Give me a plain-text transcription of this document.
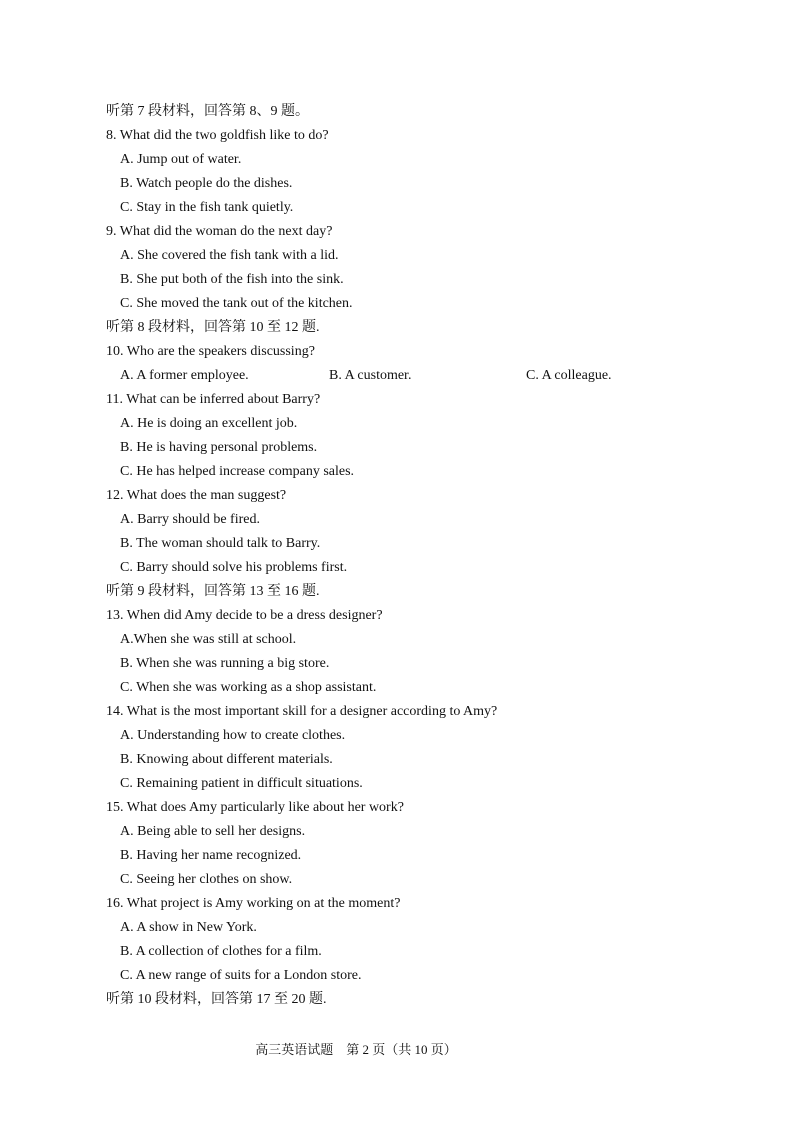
听第 7 段材料，回答第 8、9 题。
8. What did the two goldfish like to do?
A. Jump out of water.
B. Watch people do the dishes.
C. Stay in the fish tank quietly.
9. What did the woman do the next day?
A. She covered the fish tank with a lid.
B. She put both of the fish into the sink.
C. She moved the tank out of the kitchen.
听第 8 段材料，回答第 10 至 12 题.
10. Who are the speakers discussing?
A. A former employee.	B. A customer.	C. A colleague.
11. What can be inferred about Barry?
A. He is doing an excellent job.
B. He is having personal problems.
C. He has helped increase company sales.
12. What does the man suggest?
A. Barry should be fired.
B. The woman should talk to Barry.
C. Barry should solve his problems first.
听第 9 段材料，回答第 13 至 16 题.
13. When did Amy decide to be a dress designer?
A.When she was still at school.
B. When she was running a big store.
C. When she was working as a shop assistant.
14. What is the most important skill for a designer according to Amy?
A. Understanding how to create clothes.
B. Knowing about different materials.
C. Remaining patient in difficult situations.
15. What does Amy particularly like about her work?
A. Being able to sell her designs.
B. Having her name recognized.
C. Seeing her clothes on show.
16. What project is Amy working on at the moment?
A. A show in New York.
B. A collection of clothes for a film.
C. A new range of suits for a London store.
听第 10 段材料，回答第 17 至 20 题.
高三英语试题　第 2 页（共 10 页）
